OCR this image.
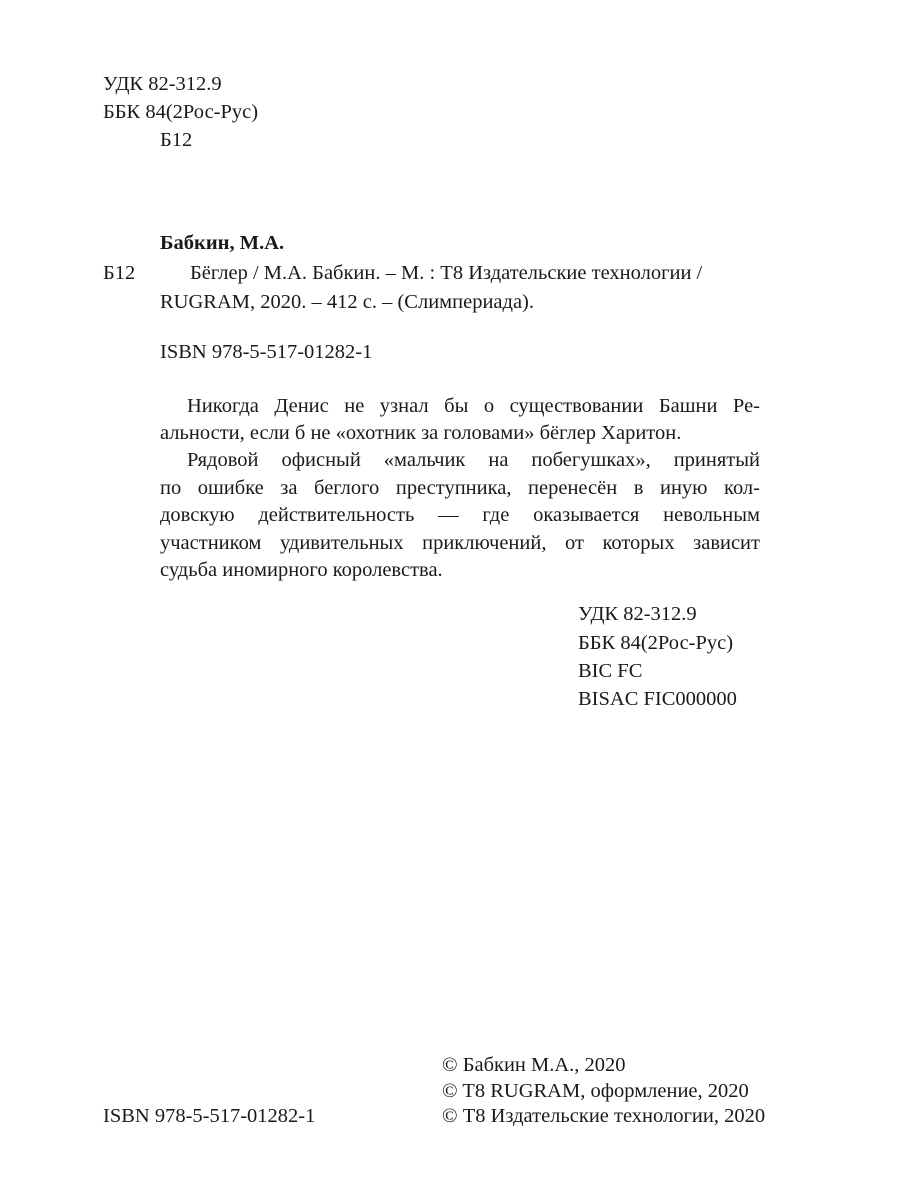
УДК 82-312.9
ББК 84(2Рос-Рус)
Б12
Бабкин, М.А.
Б12	Бёглер / М.А. Бабкин. – М. : Т8 Издательские технологии /
RUGRAM, 2020. – 412 с. – (Слимпериада).
ISBN 978-5-517-01282-1
Никогда Денис не узнал бы о существовании Башни Ре-
альности, если б не «охотник за головами» бёглер Харитон.
Рядовой офисный «мальчик на побегушках», принятый
по ошибке за беглого преступника, перенесён в иную кол-
довскую действительность — где оказывается невольным
участником удивительных приключений, от которых зависит
судьба иномирного королевства.
УДК 82-312.9
ББК 84(2Рос-Рус)
BIC FC
BISAC FIC000000
ISBN 978-5-517-01282-1
© Бабкин М.А., 2020
© T8 RUGRAM, оформление, 2020
© Т8 Издательские технологии, 2020
